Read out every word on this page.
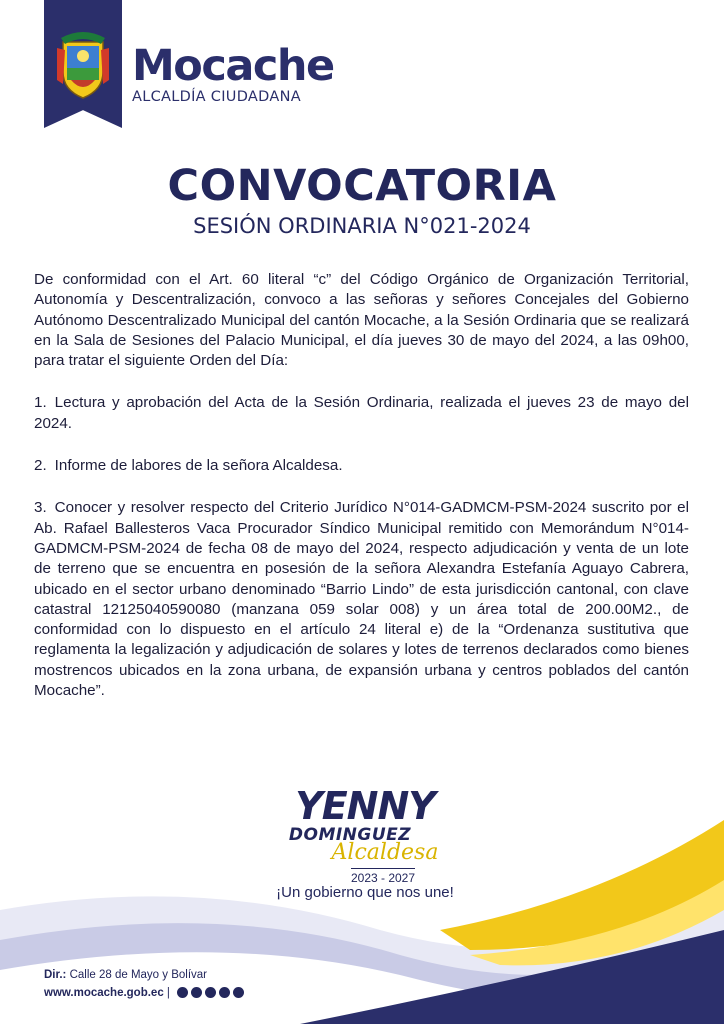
Mocache
ALCALDÍA CIUDADANA
CONVOCATORIA
SESIÓN ORDINARIA N°021-2024

De conformidad con el Art. 60 literal “c” del Código Orgánico de Organización Territorial, Autonomía y Descentralización, convoco a las señoras y señores Concejales del Gobierno Autónomo Descentralizado Municipal del cantón Mocache, a la Sesión Ordinaria que se realizará en la Sala de Sesiones del Palacio Municipal, el día jueves 30 de mayo del 2024, a las 09h00, para tratar el siguiente Orden del Día:

1. Lectura y aprobación del Acta de la Sesión Ordinaria, realizada el jueves 23 de mayo del 2024.

2. Informe de labores de la señora Alcaldesa.

3. Conocer y resolver respecto del Criterio Jurídico N°014-GADMCM-PSM-2024 suscrito por el Ab. Rafael Ballesteros Vaca Procurador Síndico Municipal remitido con Memorándum N°014-GADMCM-PSM-2024 de fecha 08 de mayo del 2024, respecto adjudicación y venta de un lote de terreno que se encuentra en posesión de la señora Alexandra Estefanía Aguayo Cabrera, ubicado en el sector urbano denominado “Barrio Lindo” de esta jurisdicción cantonal, con clave catastral 12125040590080 (manzana 059 solar 008) y un área total de 200.00M2., de conformidad con lo dispuesto en el artículo 24 literal e) de la “Ordenanza sustitutiva que reglamenta la legalización y adjudicación de solares y lotes de terrenos declarados como bienes mostrencos ubicados en la zona urbana, de expansión urbana y centros poblados del cantón Mocache”.

YENNY
DOMINGUEZ
Alcaldesa
2023 - 2027
¡Un gobierno que nos une!
Dir.: Calle 28 de Mayo y Bolívar
www.mocache.gob.ec |
